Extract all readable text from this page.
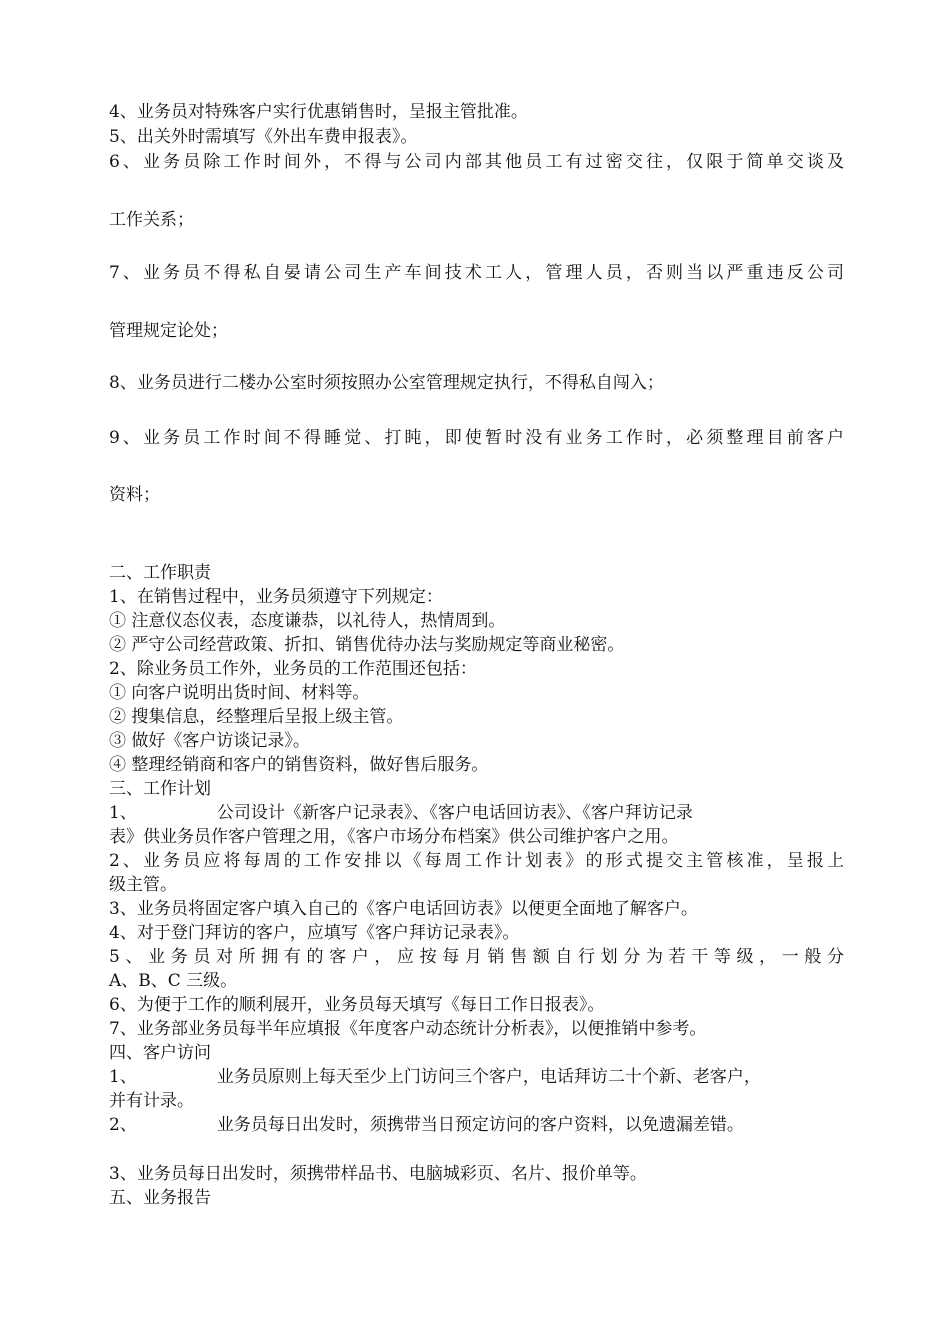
4、业务员对特殊客户实行优惠销售时，呈报主管批准。
5、出关外时需填写《外出车费申报表》。
6、业务员除工作时间外，不得与公司内部其他员工有过密交往，仅限于简单交谈及
工作关系；
7、业务员不得私自晏请公司生产车间技术工人，管理人员，否则当以严重违反公司
管理规定论处；
8、业务员进行二楼办公室时须按照办公室管理规定执行，不得私自闯入；
9、业务员工作时间不得睡觉、打盹，即使暂时没有业务工作时，必须整理目前客户
资料；
二、工作职责
1、在销售过程中，业务员须遵守下列规定：
① 注意仪态仪表，态度谦恭，以礼待人，热情周到。
② 严守公司经营政策、折扣、销售优待办法与奖励规定等商业秘密。
2、除业务员工作外，业务员的工作范围还包括：
① 向客户说明出货时间、材料等。
② 搜集信息，经整理后呈报上级主管。
③ 做好《客户访谈记录》。
④ 整理经销商和客户的销售资料，做好售后服务。
三、工作计划
1、	公司设计《新客户记录表》、《客户电话回访表》、《客户拜访记录
表》供业务员作客户管理之用，《客户市场分布档案》供公司维护客户之用。
2、业务员应将每周的工作安排以《每周工作计划表》的形式提交主管核准，呈报上
级主管。
3、业务员将固定客户填入自己的《客户电话回访表》以便更全面地了解客户。
4、对于登门拜访的客户，应填写《客户拜访记录表》。
5、业务员对所拥有的客户，应按每月销售额自行划分为若干等级，一般分
A、B、C 三级。
6、为便于工作的顺利展开，业务员每天填写《每日工作日报表》。
7、业务部业务员每半年应填报《年度客户动态统计分析表》，以便推销中参考。
四、客户访问
1、	业务员原则上每天至少上门访问三个客户，电话拜访二十个新、老客户，
并有计录。
2、	业务员每日出发时，须携带当日预定访问的客户资料，以免遗漏差错。
3、业务员每日出发时，须携带样品书、电脑城彩页、名片、报价单等。
五、业务报告
